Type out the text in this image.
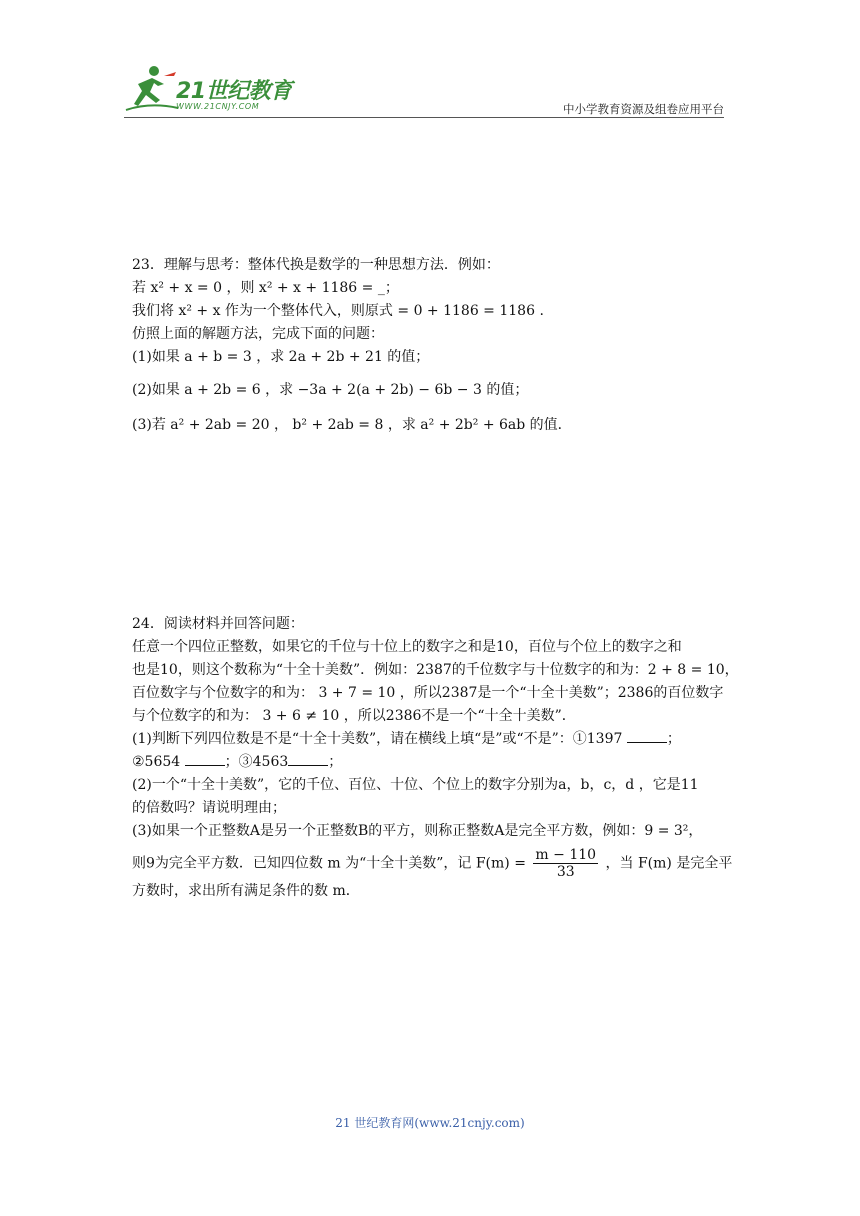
21世纪教育
WWW.21CNJY.COM	中小学教育资源及组卷应用平台
23．理解与思考：整体代换是数学的一种思想方法．例如：
若 x² + x = 0 ，则 x² + x + 1186 = _；
我们将 x² + x 作为一个整体代入，则原式 = 0 + 1186 = 1186 .
仿照上面的解题方法，完成下面的问题：
(1)如果 a + b = 3 ，求 2a + 2b + 21 的值；
(2)如果 a + 2b = 6 ，求 −3a + 2(a + 2b) − 6b − 3 的值；
(3)若 a² + 2ab = 20 ， b² + 2ab = 8 ，求 a² + 2b² + 6ab 的值．
24．阅读材料并回答问题：
任意一个四位正整数，如果它的千位与十位上的数字之和是10，百位与个位上的数字之和
也是10，则这个数称为“十全十美数”．例如：2387的千位数字与十位数字的和为：2 + 8 = 10，
百位数字与个位数字的和为： 3 + 7 = 10 ，所以2387是一个“十全十美数”；2386的百位数字
与个位数字的和为： 3 + 6 ≠ 10 ，所以2386不是一个“十全十美数”．
(1)判断下列四位数是不是“十全十美数”，请在横线上填“是”或“不是”：①1397	；
②5654	；③4563	；
(2)一个“十全十美数”，它的千位、百位、十位、个位上的数字分别为a，b，c，d ，它是11
的倍数吗？请说明理由；
(3)如果一个正整数A是另一个正整数B的平方，则称正整数A是完全平方数，例如：9 = 3²，
则9为完全平方数．已知四位数 m 为“十全十美数”，记 $F(m) = \frac{m - 110}{33}$ ，当 F(m) 是完全平
方数时，求出所有满足条件的数 m．
21 世纪教育网(www.21cnjy.com)
